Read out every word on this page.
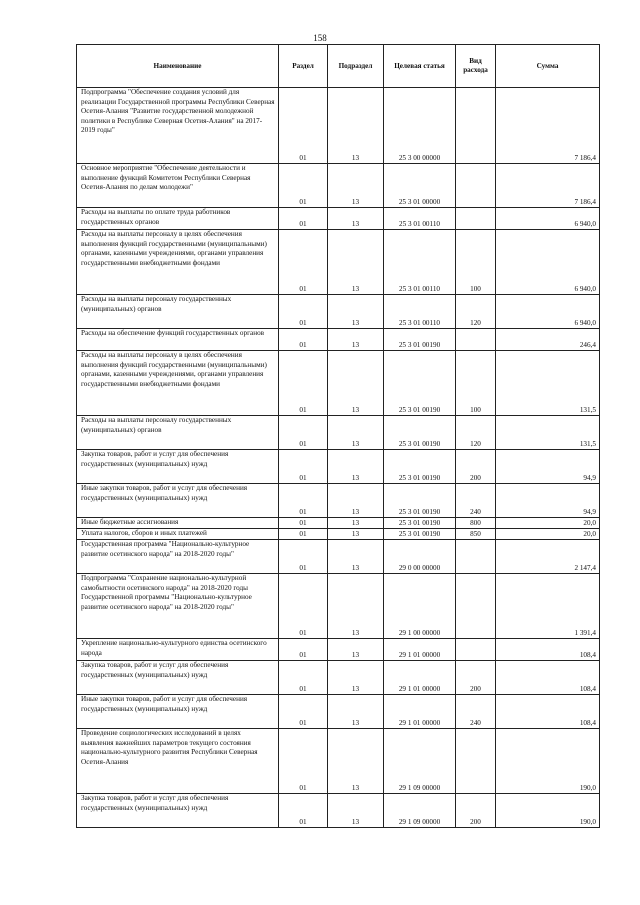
158
Наименование	Раздел	Подраздел	Целевая статья	Вид расхода	Сумма
Подпрограмма "Обеспечение создания условий для реализации Государственной программы Республики Северная Осетия-Алания "Развитие государственной молодежной политики в Республике Северная Осетия-Алания" на 2017-2019 годы"	01	13	25 3 00 00000		7 186,4
Основное мероприятие "Обеспечение деятельности и выполнение функций Комитетом Республики Северная Осетия-Алания по делам молодежи"	01	13	25 3 01 00000		7 186,4
Расходы на выплаты по оплате труда работников государственных органов	01	13	25 3 01 00110		6 940,0
Расходы на выплаты персоналу в целях обеспечения выполнения функций государственными (муниципальными) органами, казенными учреждениями, органами управления государственными внебюджетными фондами	01	13	25 3 01 00110	100	6 940,0
Расходы на выплаты персоналу государственных (муниципальных) органов	01	13	25 3 01 00110	120	6 940,0
Расходы на обеспечение функций государственных органов	01	13	25 3 01 00190		246,4
Расходы на выплаты персоналу в целях обеспечения выполнения функций государственными (муниципальными) органами, казенными учреждениями, органами управления государственными внебюджетными фондами	01	13	25 3 01 00190	100	131,5
Расходы на выплаты персоналу государственных (муниципальных) органов	01	13	25 3 01 00190	120	131,5
Закупка товаров, работ и услуг для обеспечения государственных (муниципальных) нужд	01	13	25 3 01 00190	200	94,9
Иные закупки товаров, работ и услуг для обеспечения государственных (муниципальных) нужд	01	13	25 3 01 00190	240	94,9
Иные бюджетные ассигнования	01	13	25 3 01 00190	800	20,0
Уплата налогов, сборов и иных платежей	01	13	25 3 01 00190	850	20,0
Государственная программа "Национально-культурное развитие осетинского народа" на 2018-2020 годы"	01	13	29 0 00 00000		2 147,4
Подпрограмма "Сохранение национально-культурной самобытности осетинского народа" на 2018-2020 годы Государственной программы "Национально-культурное развитие осетинского народа" на 2018-2020 годы"	01	13	29 1 00 00000		1 391,4
Укрепление национально-культурного единства осетинского народа	01	13	29 1 01 00000		108,4
Закупка товаров, работ и услуг для обеспечения государственных (муниципальных) нужд	01	13	29 1 01 00000	200	108,4
Иные закупки товаров, работ и услуг для обеспечения государственных (муниципальных) нужд	01	13	29 1 01 00000	240	108,4
Проведение социологических исследований в целях выявления важнейших параметров текущего состояния национально-культурного развития Республики Северная Осетия-Алания	01	13	29 1 09 00000		190,0
Закупка товаров, работ и услуг для обеспечения государственных (муниципальных) нужд	01	13	29 1 09 00000	200	190,0
